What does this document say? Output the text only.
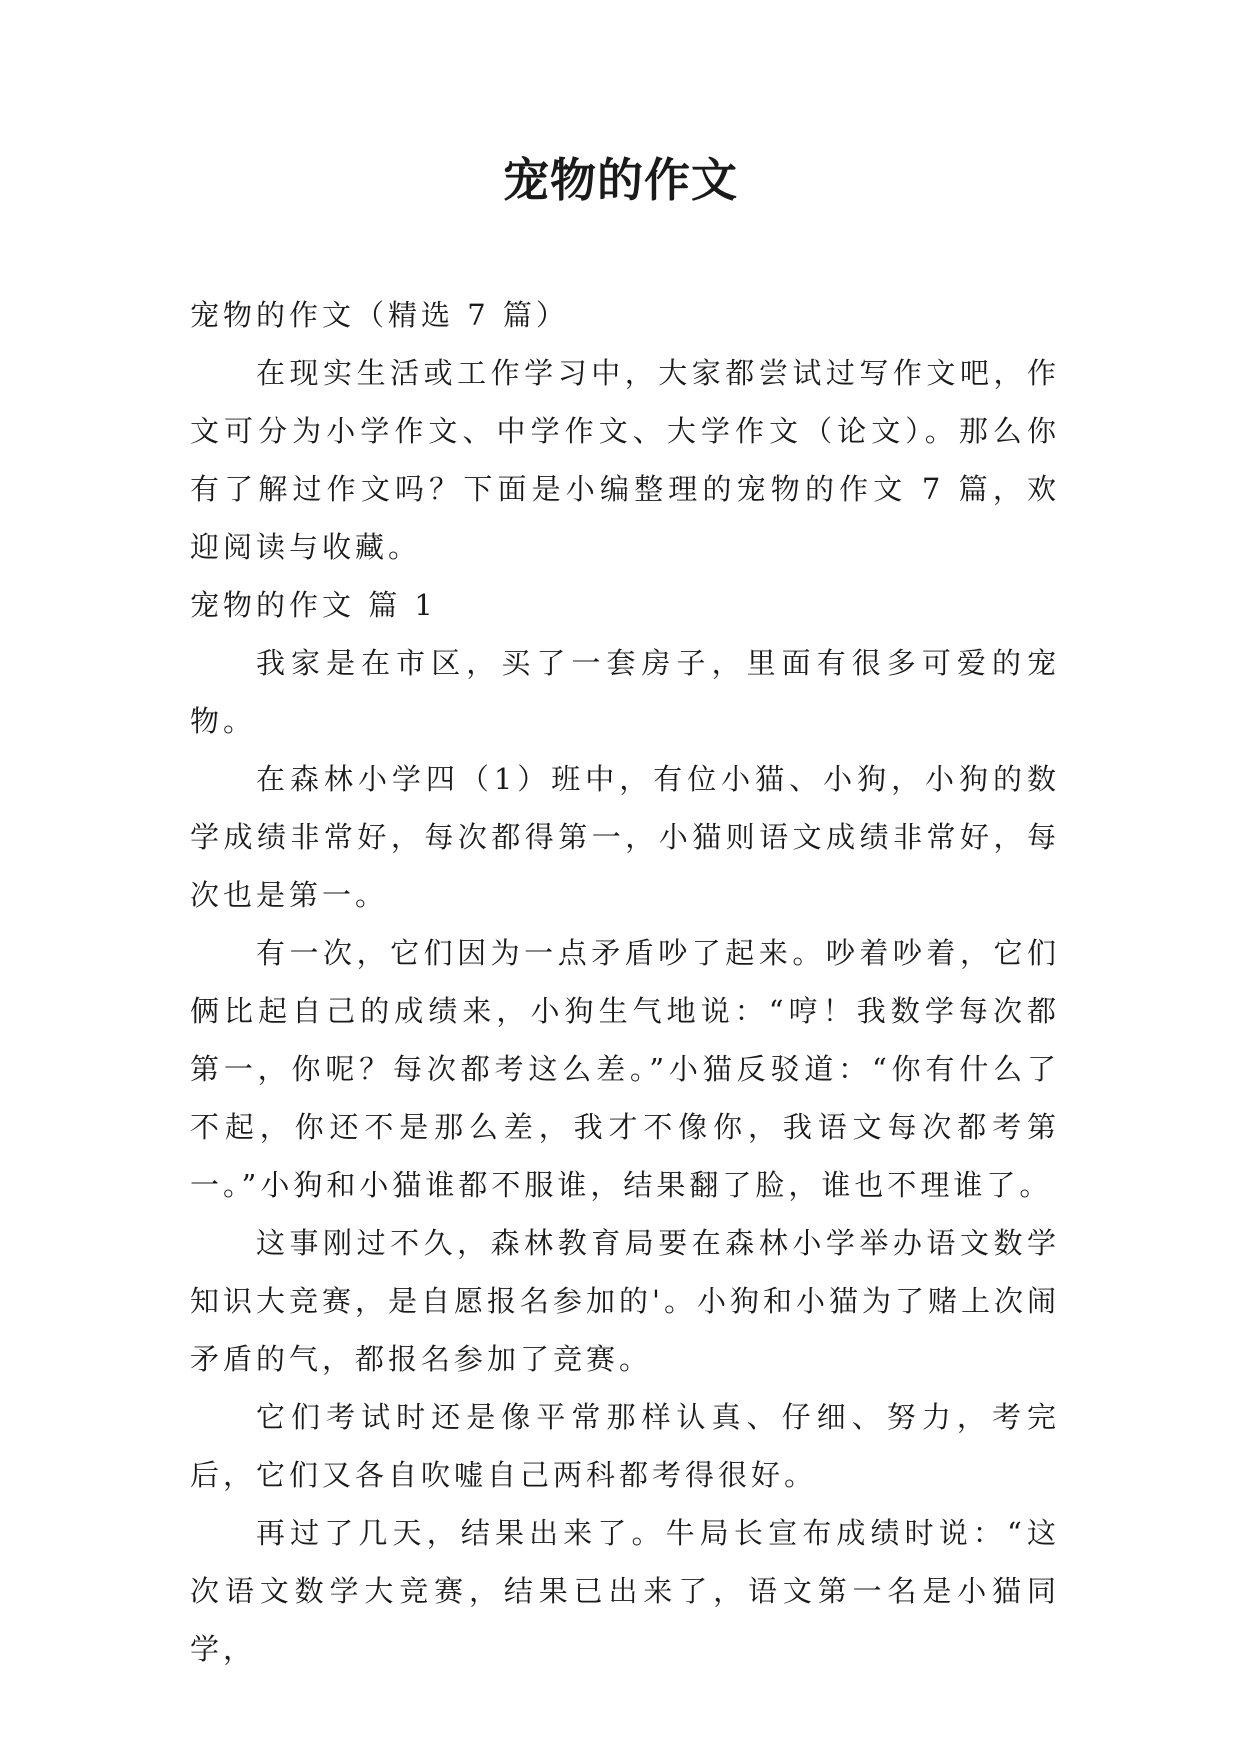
宠物的作文

宠物的作文（精选 7 篇）

在现实生活或工作学习中，大家都尝试过写作文吧，作文可分为小学作文、中学作文、大学作文（论文）。那么你有了解过作文吗？下面是小编整理的宠物的作文 7 篇，欢迎阅读与收藏。

宠物的作文 篇 1

我家是在市区，买了一套房子，里面有很多可爱的宠物。

在森林小学四（1）班中，有位小猫、小狗，小狗的数学成绩非常好，每次都得第一，小猫则语文成绩非常好，每次也是第一。

有一次，它们因为一点矛盾吵了起来。吵着吵着，它们俩比起自己的成绩来，小狗生气地说：“哼！我数学每次都第一，你呢？每次都考这么差。”小猫反驳道：“你有什么了不起，你还不是那么差，我才不像你，我语文每次都考第一。”小狗和小猫谁都不服谁，结果翻了脸，谁也不理谁了。

这事刚过不久，森林教育局要在森林小学举办语文数学知识大竞赛，是自愿报名参加的'。小狗和小猫为了赌上次闹矛盾的气，都报名参加了竞赛。

它们考试时还是像平常那样认真、仔细、努力，考完后，它们又各自吹嘘自己两科都考得很好。

再过了几天，结果出来了。牛局长宣布成绩时说：“这次语文数学大竞赛，结果已出来了，语文第一名是小猫同学，
